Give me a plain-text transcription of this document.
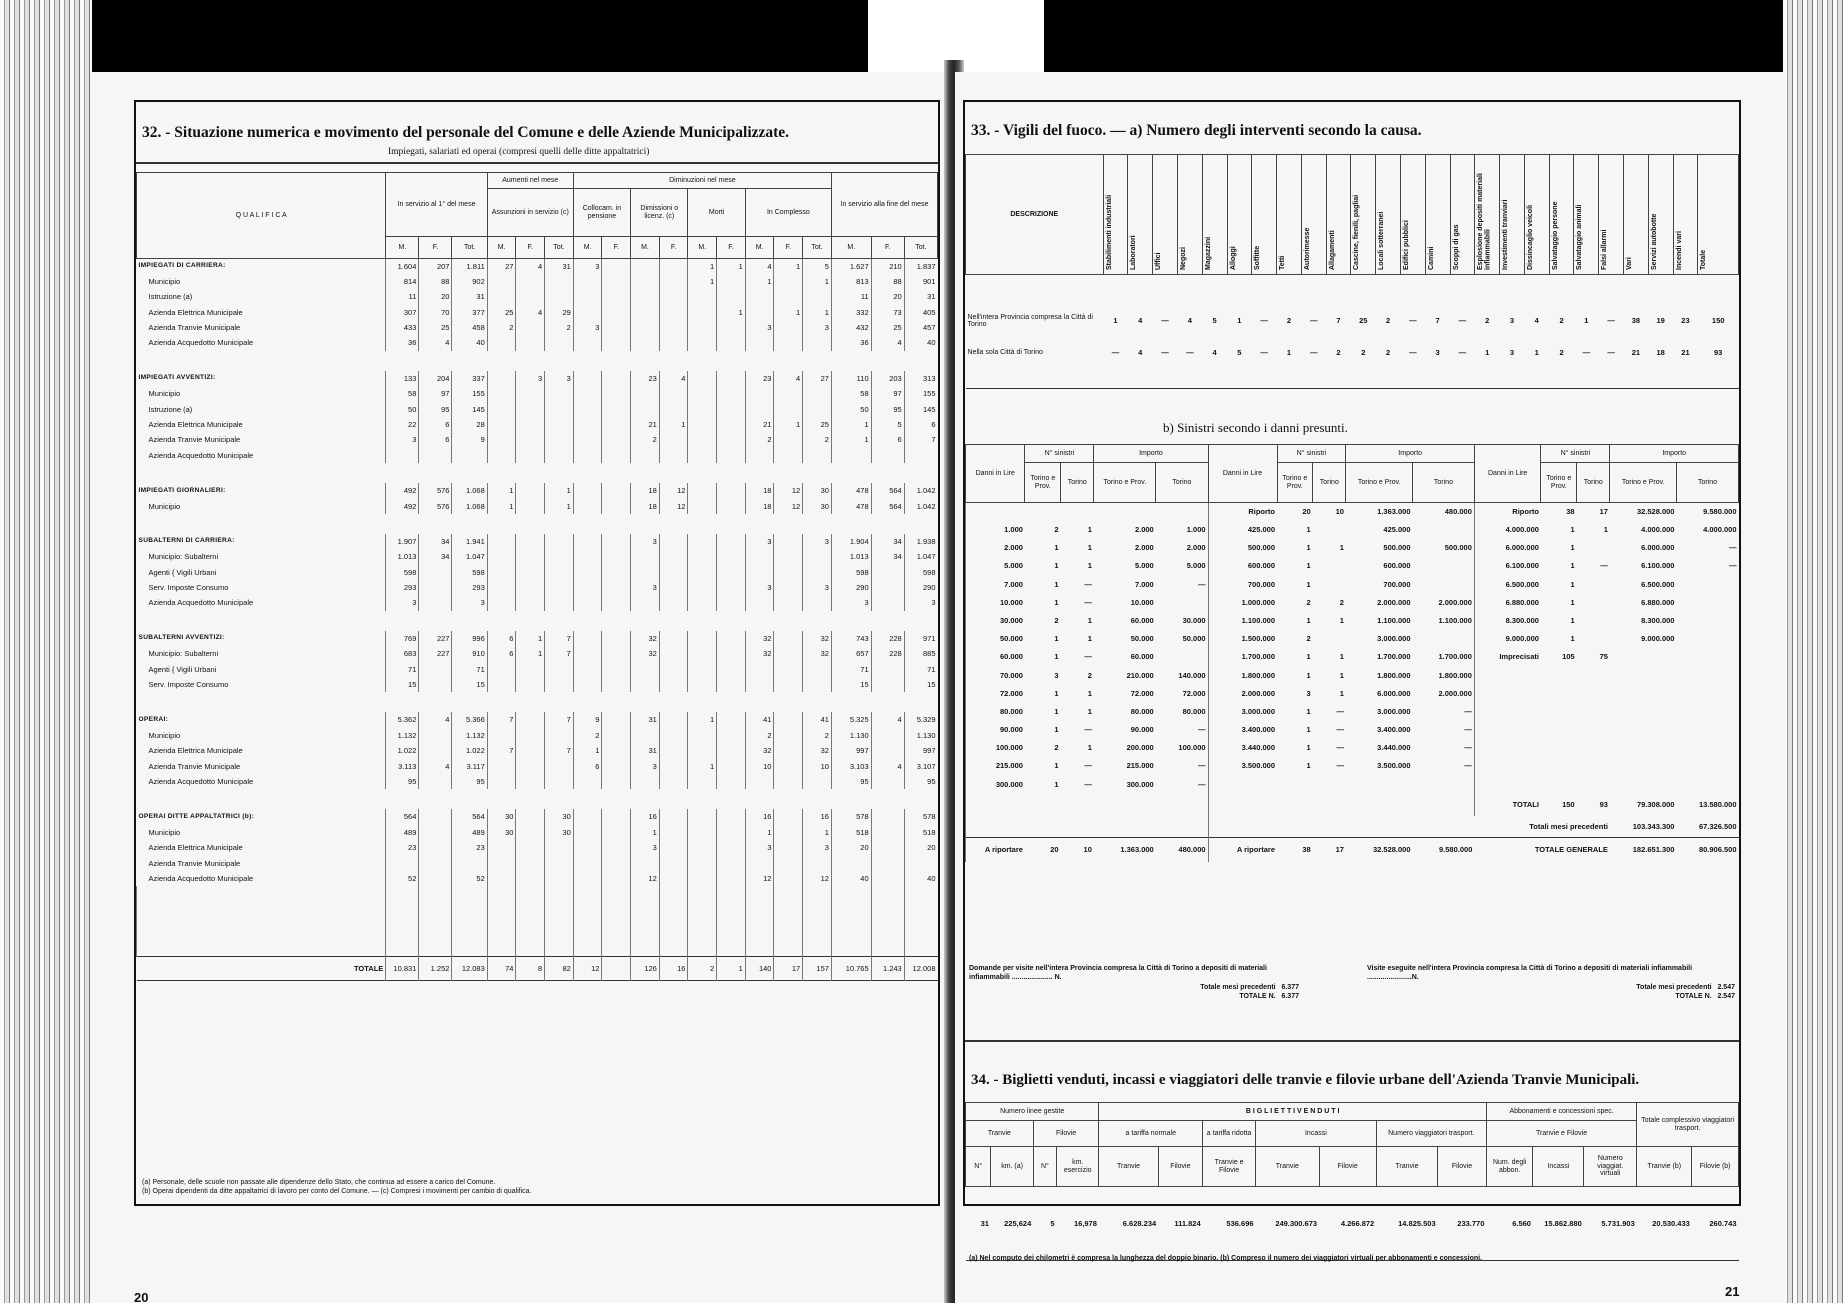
32. - Situazione numerica e movimento del personale del Comune e delle Aziende Municipalizzate.
Impiegati, salariati ed operai (compresi quelli delle ditte appaltatrici)
Q U A L I F I C A	In servizio al 1° del mese			Aumenti nel mese			Diminuzioni nel mese									In servizio alla fine del mese		
				Assunzioni in servizio (c)			Collocam. in pensione		Dimissioni o licenz. (c)		Morti		In Complesso					
	M.	F.	Tot.	M.	F.	Tot.	M.	F.	M.	F.	M.	F.	M.	F.	Tot.	M.	F.	Tot.
IMPIEGATI DI CARRIERA:	1.604	207	1.811	27	4	31	3				1	1	4	1	5	1.627	210	1.837
Municipio	814	88	902								1		1		1	813	88	901
Istruzione (a)	11	20	31													11	20	31
Azienda Elettrica Municipale	307	70	377	25	4	29						1		1	1	332	73	405
Azienda Tranvie Municipale	433	25	458	2		2	3						3		3	432	25	457
Azienda Acquedotto Municipale	36	4	40													36	4	40

IMPIEGATI AVVENTIZI:	133	204	337		3	3			23	4			23	4	27	110	203	313
Municipio	58	97	155													58	97	155
Istruzione (a)	50	95	145													50	95	145
Azienda Elettrica Municipale	22	6	28						21	1			21	1	25	1	5	6
Azienda Tranvie Municipale	3	6	9						2				2		2	1	6	7
Azienda Acquedotto Municipale																		

IMPIEGATI GIORNALIERI:	492	576	1.068	1		1			18	12			18	12	30	478	564	1.042
Municipio	492	576	1.068	1		1			18	12			18	12	30	478	564	1.042

SUBALTERNI DI CARRIERA:	1.907	34	1.941						3				3		3	1.904	34	1.938
Municipio: Subalterni	1.013	34	1.047													1.013	34	1.047
Agenti { Vigili Urbani	598		598													598		598
Serv. Imposte Consumo	293		293						3				3		3	290		290
Azienda Acquedotto Municipale	3		3													3		3

SUBALTERNI AVVENTIZI:	769	227	996	6	1	7			32				32		32	743	228	971
Municipio: Subalterni	683	227	910	6	1	7			32				32		32	657	228	885
Agenti { Vigili Urbani	71		71													71		71
Serv. Imposte Consumo	15		15													15		15

OPERAI:	5.362	4	5.366	7		7	9		31		1		41		41	5.325	4	5.329
Municipio	1.132		1.132				2						2		2	1.130		1.130
Azienda Elettrica Municipale	1.022		1.022	7		7	1		31				32		32	997		997
Azienda Tranvie Municipale	3.113	4	3.117				6		3		1		10		10	3.103	4	3.107
Azienda Acquedotto Municipale	95		95													95		95

OPERAI DITTE APPALTATRICI (b):	564		564	30		30			16				16		16	578		578
Municipio	489		489	30		30			1				1		1	518		518
Azienda Elettrica Municipale	23		23						3				3		3	20		20
Azienda Tranvie Municipale																		
Azienda Acquedotto Municipale	52		52						12				12		12	40		40

TOTALE	10.831	1.252	12.083	74	8	82	12		126	16	2	1	140	17	157	10.765	1.243	12.008
(a) Personale, delle scuole non passate alle dipendenze dello Stato, che continua ad essere a carico del Comune.
(b) Operai dipendenti da ditte appaltatrici di lavoro per conto del Comune. — (c) Compresi i movimenti per cambio di qualifica.
20
33. - Vigili del fuoco. — a) Numero degli interventi secondo la causa.
DESCRIZIONE	Stabilimenti industriali	Laboratori	Uffici	Negozi	Magazzini	Alloggi	Soffitte	Tetti	Autorimesse	Allagamenti	Cascine, fienili, pagliai	Locali sotterranei	Edifici pubblici	Camini	Scoppi di gas	Esplosione depositi materiali infiammabili	Investimenti tranviari	Dissincaglio veicoli	Salvataggio persone	Salvataggio animali	Falsi allarmi	Vari	Servizi autobotte	Incendi vari	Totale

Nell'intera Provincia compresa la Città di Torino	1	4	—	4	5	1	—	2	—	7	25	2	—	7	—	2	3	4	2	1	—	38	19	23	150
Nella sola Città di Torino	—	4	—	—	4	5	—	1	—	2	2	2	—	3	—	1	3	1	2	—	—	21	18	21	93

b) Sinistri secondo i danni presunti.
Danni in Lire	N° sinistri		Importo		Danni in Lire	N° sinistri		Importo		Danni in Lire	N° sinistri		Importo	
	Torino e Prov.	Torino	Torino e Prov.	Torino		Torino e Prov.	Torino	Torino e Prov.	Torino		Torino e Prov.	Torino	Torino e Prov.	Torino
					Riporto	20	10	1.363.000	480.000	Riporto	38	17	32.528.000	9.580.000
1.000	2	1	2.000	1.000	425.000	1		425.000		4.000.000	1	1	4.000.000	4.000.000
2.000	1	1	2.000	2.000	500.000	1	1	500.000	500.000	6.000.000	1		6.000.000	—
5.000	1	1	5.000	5.000	600.000	1		600.000		6.100.000	1	—	6.100.000	—
7.000	1	—	7.000	—	700.000	1		700.000		6.500.000	1		6.500.000	
10.000	1	—	10.000		1.000.000	2	2	2.000.000	2.000.000	6.880.000	1		6.880.000	
30.000	2	1	60.000	30.000	1.100.000	1	1	1.100.000	1.100.000	8.300.000	1		8.300.000	
50.000	1	1	50.000	50.000	1.500.000	2		3.000.000		9.000.000	1		9.000.000	
60.000	1	—	60.000		1.700.000	1	1	1.700.000	1.700.000	Imprecisati	105	75		
70.000	3	2	210.000	140.000	1.800.000	1	1	1.800.000	1.800.000					
72.000	1	1	72.000	72.000	2.000.000	3	1	6.000.000	2.000.000					
80.000	1	1	80.000	80.000	3.000.000	1	—	3.000.000	—					
90.000	1	—	90.000	—	3.400.000	1	—	3.400.000	—					
100.000	2	1	200.000	100.000	3.440.000	1	—	3.440.000	—					
215.000	1	—	215.000	—	3.500.000	1	—	3.500.000	—					
300.000	1	—	300.000	—										
										TOTALI	150	93	79.308.000	13.580.000
										Totali mesi precedenti			103.343.300	67.326.500
A riportare	20	10	1.363.000	480.000	A riportare	38	17	32.528.000	9.580.000	TOTALE GENERALE			182.651.300	80.906.500
Domande per visite nell'intera Provincia compresa la Città di Torino a depositi di materiali infiammabili ..................... N.
Totale mesi precedenti 6.377
TOTALE N. 6.377
Visite eseguite nell'intera Provincia compresa la Città di Torino a depositi di materiali infiammabili .......................N.
Totale mesi precedenti 2.547
TOTALE N. 2.547
34. - Biglietti venduti, incassi e viaggiatori delle tranvie e filovie urbane dell'Azienda Tranvie Municipali.
Numero linee gestite				B I G L I E T T I V E N D U T I							Abbonamenti e concessioni spec.			Totale complessivo viaggiatori trasport.	
Tranvie		Filovie		a tariffa normale		a tariffa ridotta	Incassi		Numero viaggiatori trasport.		Tranvie e Filovie				
N°	km. (a)	N°	km. esercizio	Tranvie	Filovie	Tranvie e Filovie	Tranvie	Filovie	Tranvie	Filovie	Num. degli abbon.	Incassi	Numero viaggiat. virtuali	Tranvie (b)	Filovie (b)

31	225,624	5	16,978	6.628.234	111.824	536.696	249.300.673	4.266.872	14.825.503	233.770	6.560	15.862.880	5.731.903	20.530.433	260.743

(a) Nel computo dei chilometri è compresa la lunghezza del doppio binario. (b) Compreso il numero dei viaggiatori virtuali per abbonamenti e concessioni.
21
